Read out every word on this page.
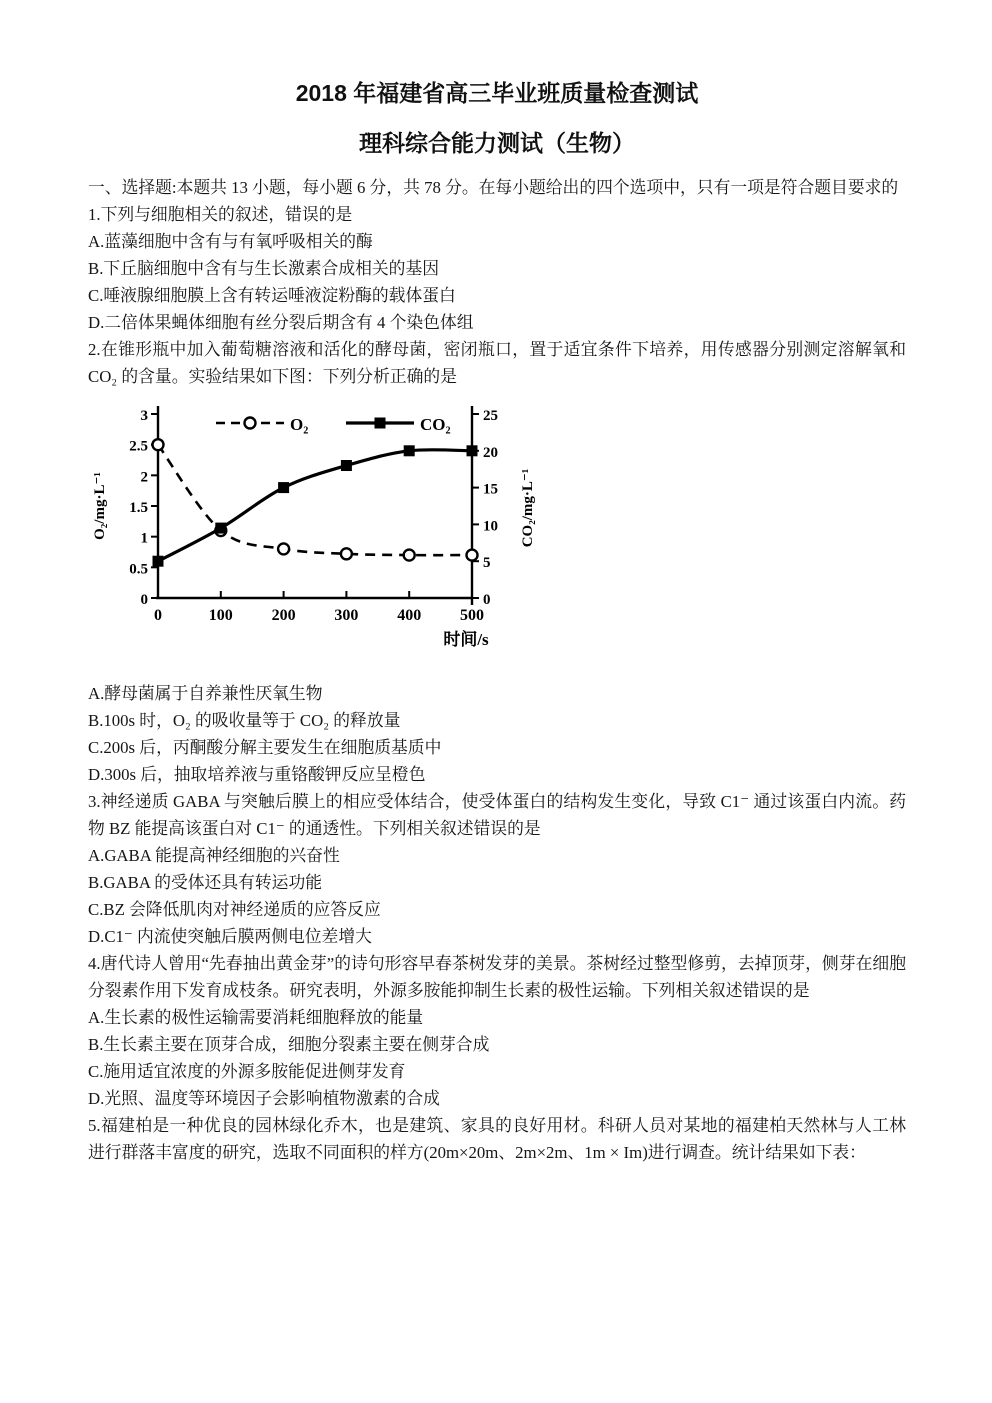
2018 年福建省高三毕业班质量检查测试
理科综合能力测试（生物）

一、选择题:本题共 13 小题，每小题 6 分，共 78 分。在每小题给出的四个选项中，只有一项是符合题目要求的

1.下列与细胞相关的叙述，错误的是

A.蓝藻细胞中含有与有氧呼吸相关的酶

B.下丘脑细胞中含有与生长激素合成相关的基因

C.唾液腺细胞膜上含有转运唾液淀粉酶的载体蛋白

D.二倍体果蝇体细胞有丝分裂后期含有 4 个染色体组

2.在锥形瓶中加入葡萄糖溶液和活化的酵母菌，密闭瓶口，置于适宜条件下培养，用传感器分别测定溶解氧和 CO₂ 的含量。实验结果如下图：下列分析正确的是

0
0.5
1
1.5
2
2.5
3
0
5
10
15
20
25
0	100 200 300 400 500
O₂/mg·L⁻¹	CO₂/mg·L⁻¹
时间/s
O₂	CO₂

A.酵母菌属于自养兼性厌氧生物

B.100s 时，O₂ 的吸收量等于 CO₂ 的释放量

C.200s 后，丙酮酸分解主要发生在细胞质基质中

D.300s 后，抽取培养液与重铬酸钾反应呈橙色

3.神经递质 GABA 与突触后膜上的相应受体结合，使受体蛋白的结构发生变化，导致 C1⁻ 通过该蛋白内流。药物 BZ 能提高该蛋白对 C1⁻ 的通透性。下列相关叙述错误的是

A.GABA 能提高神经细胞的兴奋性

B.GABA 的受体还具有转运功能

C.BZ 会降低肌肉对神经递质的应答反应

D.C1⁻ 内流使突触后膜两侧电位差增大

4.唐代诗人曾用“先春抽出黄金芽”的诗句形容早春茶树发芽的美景。茶树经过整型修剪，去掉顶芽，侧芽在细胞分裂素作用下发育成枝条。研究表明，外源多胺能抑制生长素的极性运输。下列相关叙述错误的是

A.生长素的极性运输需要消耗细胞释放的能量

B.生长素主要在顶芽合成，细胞分裂素主要在侧芽合成

C.施用适宜浓度的外源多胺能促进侧芽发育

D.光照、温度等环境因子会影响植物激素的合成

5.福建柏是一种优良的园林绿化乔木，也是建筑、家具的良好用材。科研人员对某地的福建柏天然林与人工林进行群落丰富度的研究，选取不同面积的样方(20m×20m、2m×2m、1m × Im)进行调查。统计结果如下表：
